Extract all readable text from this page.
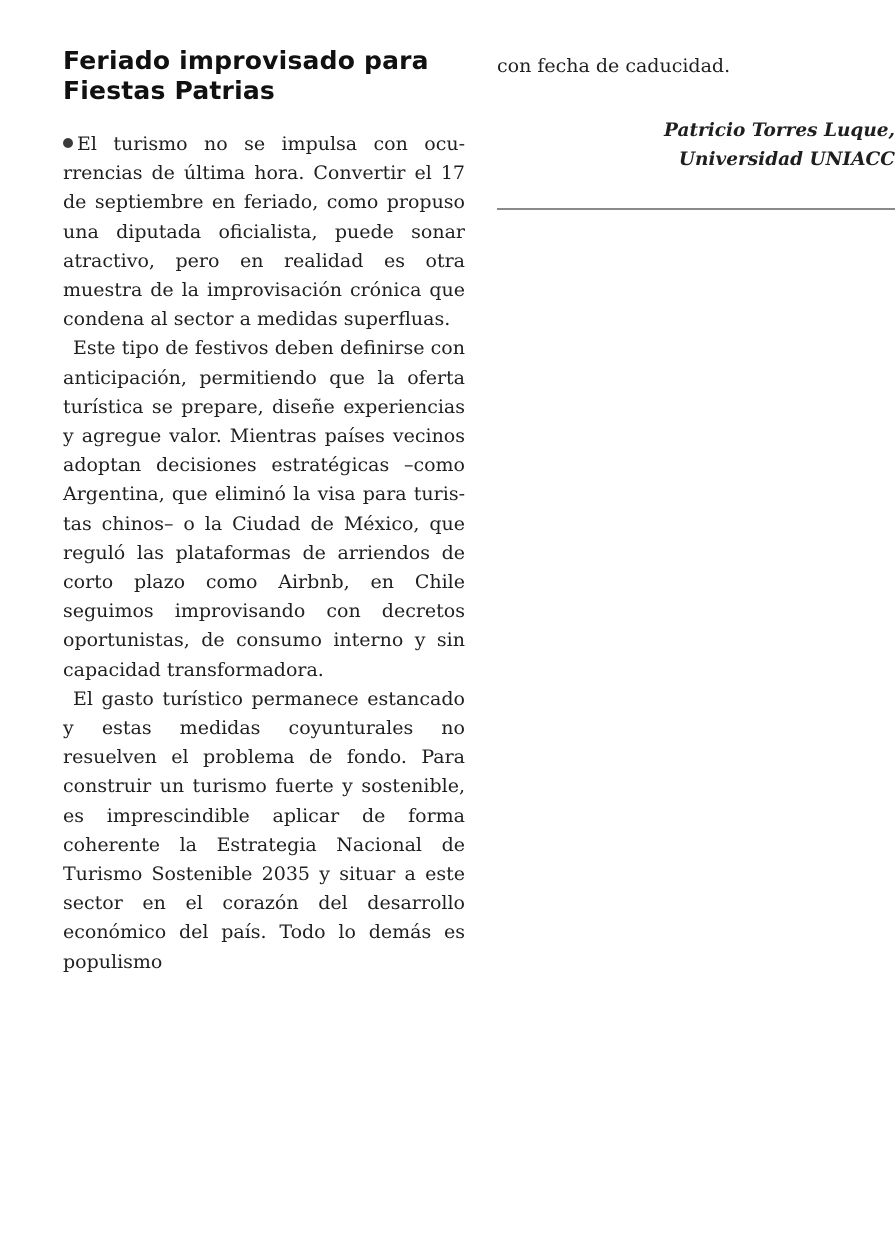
Feriado improvisado para Fiestas Patrias

El turismo no se impulsa con ocurrencias de última hora. Convertir el 17 de septiembre en feriado, como propuso una diputada oficialista, puede sonar atractivo, pero en realidad es otra muestra de la improvisación crónica que condena al sector a medidas superfluas.

Este tipo de festivos deben definirse con anticipación, permitiendo que la oferta turística se prepare, diseñe experiencias y agregue valor. Mientras países vecinos adoptan decisiones estratégicas –como Argentina, que eliminó la visa para turistas chinos– o la Ciudad de México, que reguló las plataformas de arriendos de corto plazo como Airbnb, en Chile seguimos improvisando con decretos oportunistas, de consumo interno y sin capacidad transformadora.

El gasto turístico permanece estancado y estas medidas coyunturales no resuelven el problema de fondo. Para construir un turismo fuerte y sostenible, es imprescindible aplicar de forma coherente la Estrategia Nacional de Turismo Sostenible 2035 y situar a este sector en el corazón del desarrollo económico del país. Todo lo demás es populismo

con fecha de caducidad.

Patricio Torres Luque,
Universidad UNIACC
